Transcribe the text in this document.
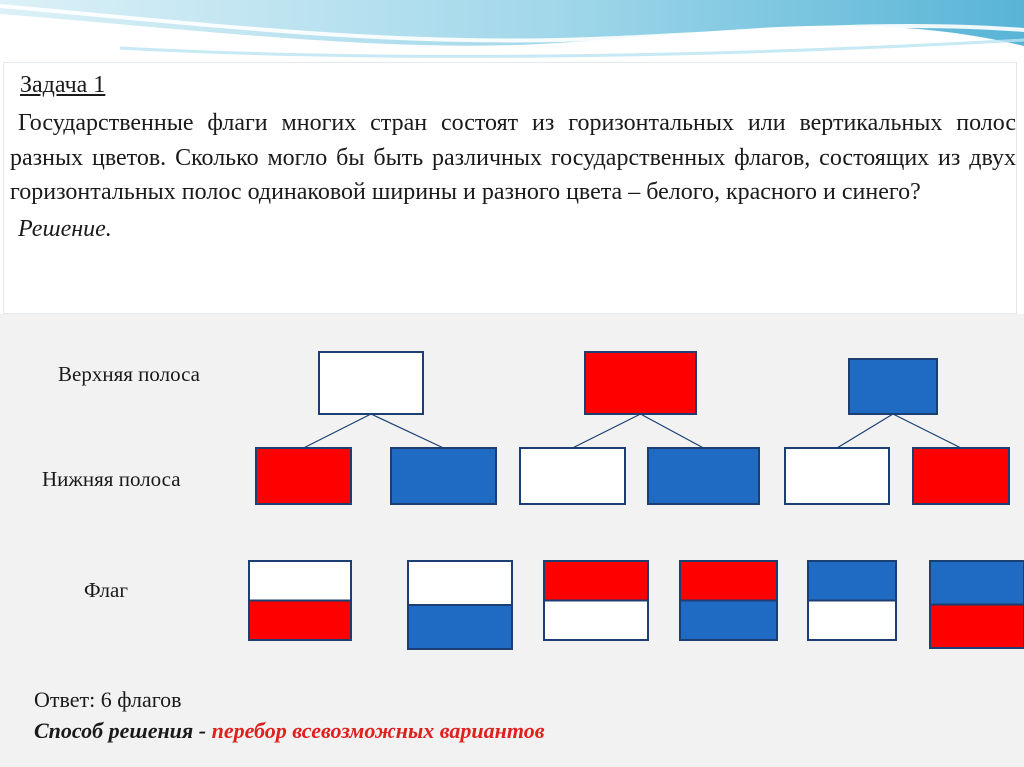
Задача 1
Государственные флаги многих стран состоят из горизонтальных или вертикальных полос разных цветов. Сколько могло бы быть различных государственных флагов, состоящих из двух горизонтальных полос одинаковой ширины и разного цвета – белого, красного и синего?
Решение.
Верхняя полоса
Нижняя полоса
Флаг
Ответ: 6 флагов
Способ решения - перебор всевозможных вариантов
